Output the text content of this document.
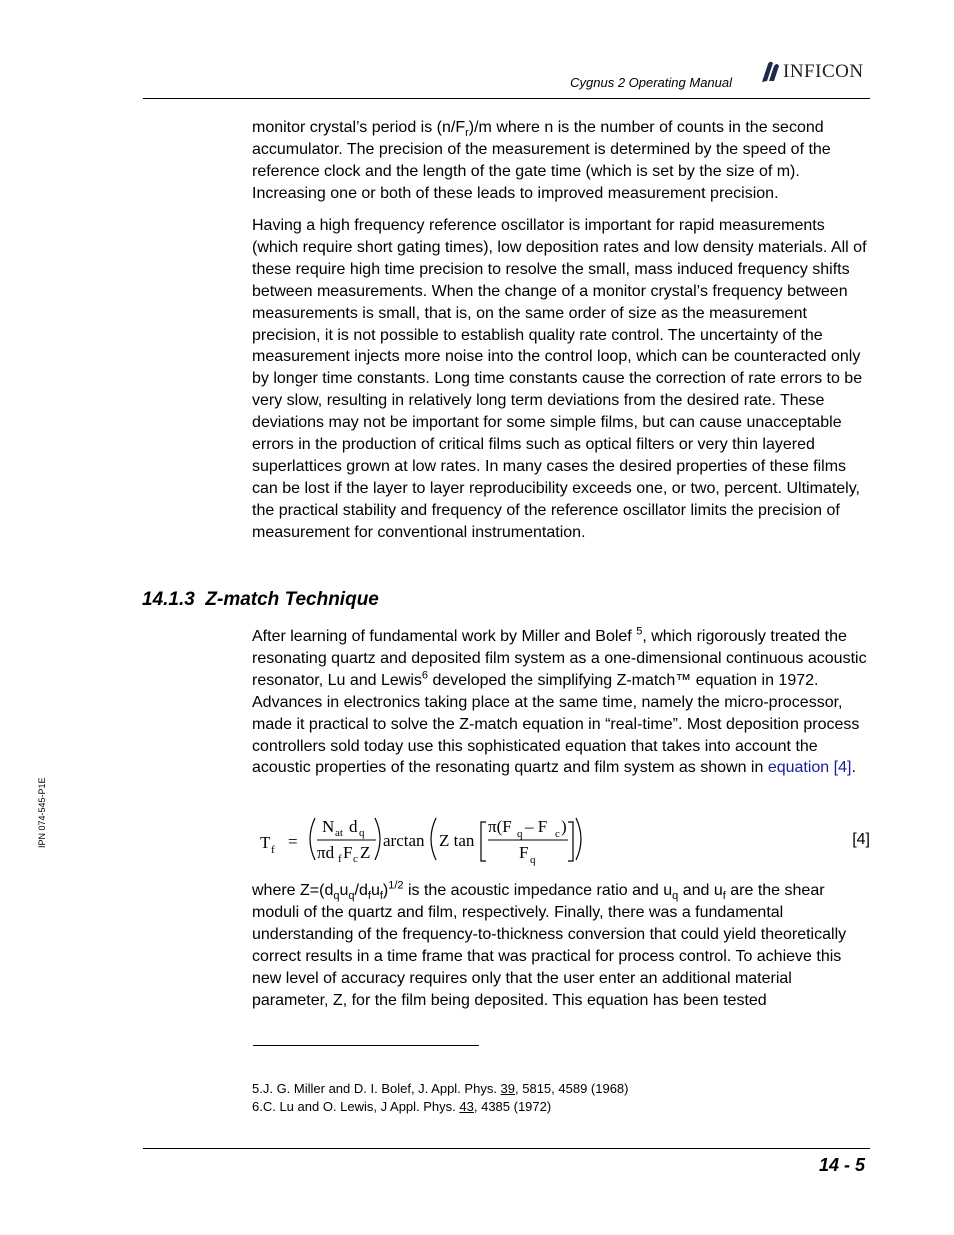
Cygnus 2 Operating Manual
INFICON
IPN 074-545-P1E

monitor crystal’s period is $(n/F_r)/m$ where n is the number of counts in the second accumulator. The precision of the measurement is determined by the speed of the reference clock and the length of the gate time (which is set by the size of m). Increasing one or both of these leads to improved measurement precision.

Having a high frequency reference oscillator is important for rapid measurements (which require short gating times), low deposition rates and low density materials. All of these require high time precision to resolve the small, mass induced frequency shifts between measurements. When the change of a monitor crystal’s frequency between measurements is small, that is, on the same order of size as the measurement precision, it is not possible to establish quality rate control. The uncertainty of the measurement injects more noise into the control loop, which can be counteracted only by longer time constants. Long time constants cause the correction of rate errors to be very slow, resulting in relatively long term deviations from the desired rate. These deviations may not be important for some simple films, but can cause unacceptable errors in the production of critical films such as optical filters or very thin layered superlattices grown at low rates. In many cases the desired properties of these films can be lost if the layer to layer reproducibility exceeds one, or two, percent. Ultimately, the practical stability and frequency of the reference oscillator limits the precision of measurement for conventional instrumentation.

14.1.3 Z-match Technique

After learning of fundamental work by Miller and Bolef $^5$, which rigorously treated the resonating quartz and deposited film system as a one-dimensional continuous acoustic resonator, Lu and Lewis$^6$ developed the simplifying Z-match™ equation in 1972. Advances in electronics taking place at the same time, namely the micro-processor, made it practical to solve the Z-match equation in “real-time”. Most deposition process controllers sold today use this sophisticated equation that takes into account the acoustic properties of the resonating quartz and film system as shown in equation [4].

T f =
N at d q
πd f F c Z
arctan Z tan
π(F q – F c )
F q
[4]

where $Z=(d_qu_q/d_fu_f)^{1/2}$ is the acoustic impedance ratio and $u_q$ and $u_f$ are the shear moduli of the quartz and film, respectively. Finally, there was a fundamental understanding of the frequency-to-thickness conversion that could yield theoretically correct results in a time frame that was practical for process control. To achieve this new level of accuracy requires only that the user enter an additional material parameter, Z, for the film being deposited. This equation has been tested

5.J. G. Miller and D. I. Bolef, J. Appl. Phys. 39, 5815, 4589 (1968)
6.C. Lu and O. Lewis, J Appl. Phys. 43, 4385 (1972)
14 - 5
